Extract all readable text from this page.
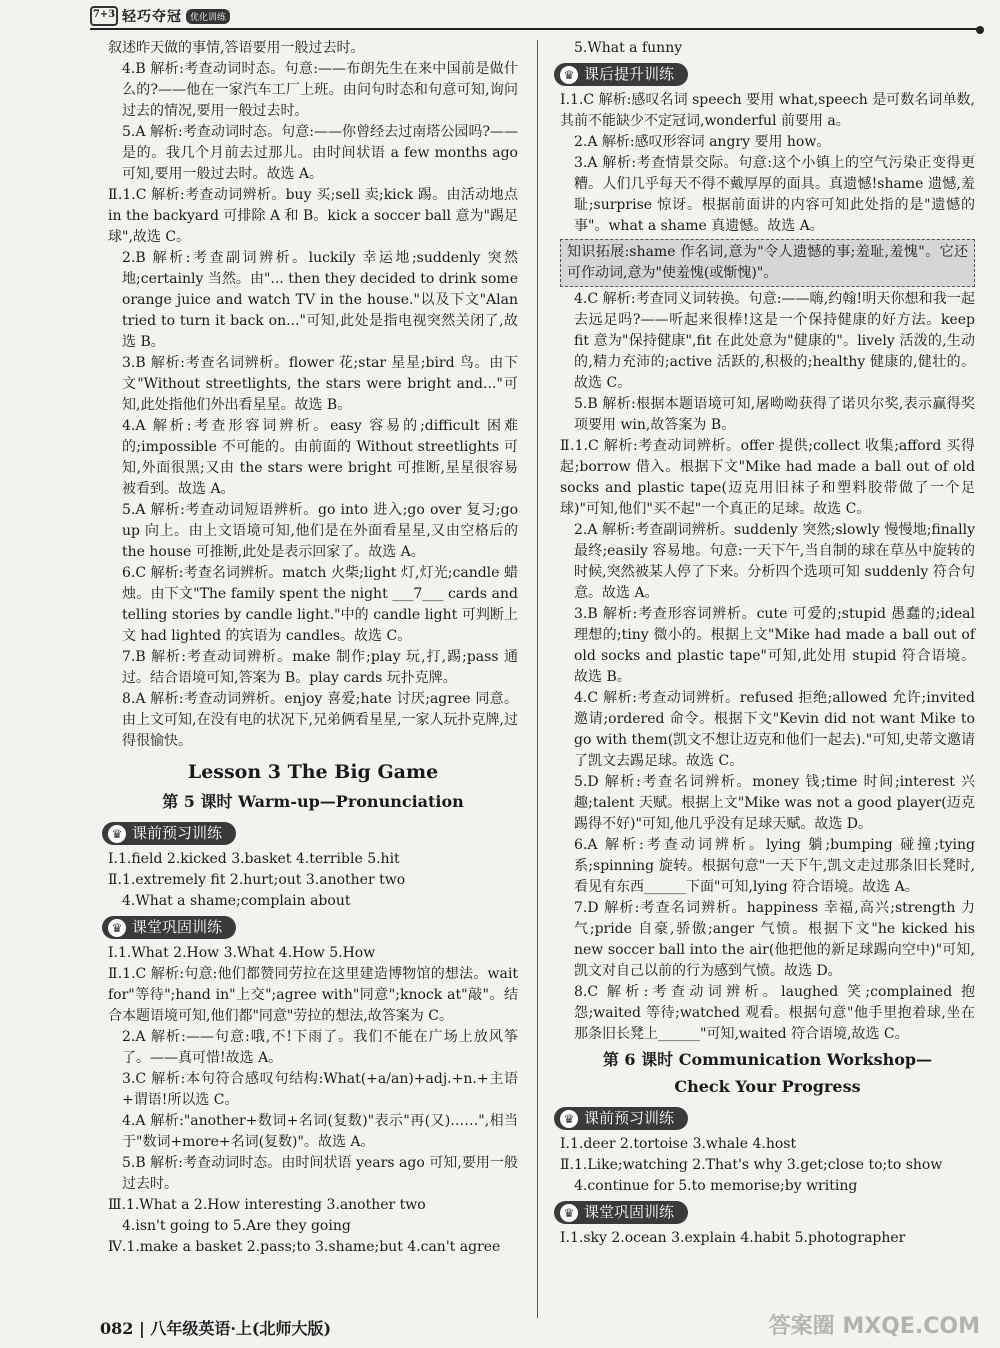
7+3 轻巧夺冠 优化训练

叙述昨天做的事情,答语要用一般过去时。

4.B 解析:考查动词时态。句意:——布朗先生在来中国前是做什么的?——他在一家汽车工厂上班。由问句时态和句意可知,询问过去的情况,要用一般过去时。

5.A 解析:考查动词时态。句意:——你曾经去过南塔公园吗?——是的。我几个月前去过那儿。由时间状语 a few months ago 可知,要用一般过去时。故选 A。

Ⅱ.1.C 解析:考查动词辨析。buy 买;sell 卖;kick 踢。由活动地点 in the backyard 可排除 A 和 B。kick a soccer ball 意为"踢足球",故选 C。

2.B 解析:考查副词辨析。luckily 幸运地;suddenly 突然地;certainly 当然。由"... then they decided to drink some orange juice and watch TV in the house."以及下文"Alan tried to turn it back on..."可知,此处是指电视突然关闭了,故选 B。

3.B 解析:考查名词辨析。flower 花;star 星星;bird 鸟。由下文"Without streetlights, the stars were bright and..."可知,此处指他们外出看星星。故选 B。

4.A 解析:考查形容词辨析。easy 容易的;difficult 困难的;impossible 不可能的。由前面的 Without streetlights 可知,外面很黑;又由 the stars were bright 可推断,星星很容易被看到。故选 A。

5.A 解析:考查动词短语辨析。go into 进入;go over 复习;go up 向上。由上文语境可知,他们是在外面看星星,又由空格后的 the house 可推断,此处是表示回家了。故选 A。

6.C 解析:考查名词辨析。match 火柴;light 灯,灯光;candle 蜡烛。由下文"The family spent the night ___7___ cards and telling stories by candle light."中的 candle light 可判断上文 had lighted 的宾语为 candles。故选 C。

7.B 解析:考查动词辨析。make 制作;play 玩,打,踢;pass 通过。结合语境可知,答案为 B。play cards 玩扑克牌。

8.A 解析:考查动词辨析。enjoy 喜爱;hate 讨厌;agree 同意。由上文可知,在没有电的状况下,兄弟俩看星星,一家人玩扑克牌,过得很愉快。

Lesson 3 The Big Game
第 5 课时 Warm-up—Pronunciation
♛ 课前预习训练

Ⅰ.1.field 2.kicked 3.basket 4.terrible 5.hit

Ⅱ.1.extremely fit 2.hurt;out 3.another two

4.What a shame;complain about

♛ 课堂巩固训练

Ⅰ.1.What 2.How 3.What 4.How 5.How

Ⅱ.1.C 解析:句意:他们都赞同劳拉在这里建造博物馆的想法。wait for"等待";hand in"上交";agree with"同意";knock at"敲"。结合本题语境可知,他们都"同意"劳拉的想法,故答案为 C。

2.A 解析:——句意:哦,不!下雨了。我们不能在广场上放风筝了。——真可惜!故选 A。

3.C 解析:本句符合感叹句结构:What(+a/an)+adj.+n.+主语+谓语!所以选 C。

4.A 解析:"another+数词+名词(复数)"表示"再(又)……",相当于"数词+more+名词(复数)"。故选 A。

5.B 解析:考查动词时态。由时间状语 years ago 可知,要用一般过去时。

Ⅲ.1.What a 2.How interesting 3.another two

4.isn't going to 5.Are they going

Ⅳ.1.make a basket 2.pass;to 3.shame;but 4.can't agree

5.What a funny

♛ 课后提升训练

Ⅰ.1.C 解析:感叹名词 speech 要用 what,speech 是可数名词单数,其前不能缺少不定冠词,wonderful 前要用 a。

2.A 解析:感叹形容词 angry 要用 how。

3.A 解析:考查情景交际。句意:这个小镇上的空气污染正变得更糟。人们几乎每天不得不戴厚厚的面具。真遗憾!shame 遗憾,羞耻;surprise 惊讶。根据前面讲的内容可知此处指的是"遗憾的事"。what a shame 真遗憾。故选 A。

知识拓展:shame 作名词,意为"令人遗憾的事;羞耻,羞愧"。它还可作动词,意为"使羞愧(或惭愧)"。

4.C 解析:考查同义词转换。句意:——嗨,约翰!明天你想和我一起去远足吗?——听起来很棒!这是一个保持健康的好方法。keep fit 意为"保持健康",fit 在此处意为"健康的"。lively 活泼的,生动的,精力充沛的;active 活跃的,积极的;healthy 健康的,健壮的。故选 C。

5.B 解析:根据本题语境可知,屠呦呦获得了诺贝尔奖,表示赢得奖项要用 win,故答案为 B。

Ⅱ.1.C 解析:考查动词辨析。offer 提供;collect 收集;afford 买得起;borrow 借入。根据下文"Mike had made a ball out of old socks and plastic tape(迈克用旧袜子和塑料胶带做了一个足球)"可知,他们"买不起"一个真正的足球。故选 C。

2.A 解析:考查副词辨析。suddenly 突然;slowly 慢慢地;finally 最终;easily 容易地。句意:一天下午,当自制的球在草丛中旋转的时候,突然被某人停了下来。分析四个选项可知 suddenly 符合句意。故选 A。

3.B 解析:考查形容词辨析。cute 可爱的;stupid 愚蠢的;ideal 理想的;tiny 微小的。根据上文"Mike had made a ball out of old socks and plastic tape"可知,此处用 stupid 符合语境。故选 B。

4.C 解析:考查动词辨析。refused 拒绝;allowed 允许;invited 邀请;ordered 命令。根据下文"Kevin did not want Mike to go with them(凯文不想让迈克和他们一起去)."可知,史蒂文邀请了凯文去踢足球。故选 C。

5.D 解析:考查名词辨析。money 钱;time 时间;interest 兴趣;talent 天赋。根据上文"Mike was not a good player(迈克踢得不好)"可知,他几乎没有足球天赋。故选 D。

6.A 解析:考查动词辨析。lying 躺;bumping 碰撞;tying 系;spinning 旋转。根据句意"一天下午,凯文走过那条旧长凳时,看见有东西______下面"可知,lying 符合语境。故选 A。

7.D 解析:考查名词辨析。happiness 幸福,高兴;strength 力气;pride 自豪,骄傲;anger 气愤。根据下文"he kicked his new soccer ball into the air(他把他的新足球踢向空中)"可知,凯文对自己以前的行为感到气愤。故选 D。

8.C 解析:考查动词辨析。laughed 笑;complained 抱怨;waited 等待;watched 观看。根据句意"他手里抱着球,坐在那条旧长凳上______"可知,waited 符合语境,故选 C。

第 6 课时 Communication Workshop—
Check Your Progress
♛ 课前预习训练

Ⅰ.1.deer 2.tortoise 3.whale 4.host

Ⅱ.1.Like;watching 2.That's why 3.get;close to;to show

4.continue for 5.to memorise;by writing

♛ 课堂巩固训练

Ⅰ.1.sky 2.ocean 3.explain 4.habit 5.photographer

082 | 八年级英语·上(北师大版)	答案圈 MXQE.COM
